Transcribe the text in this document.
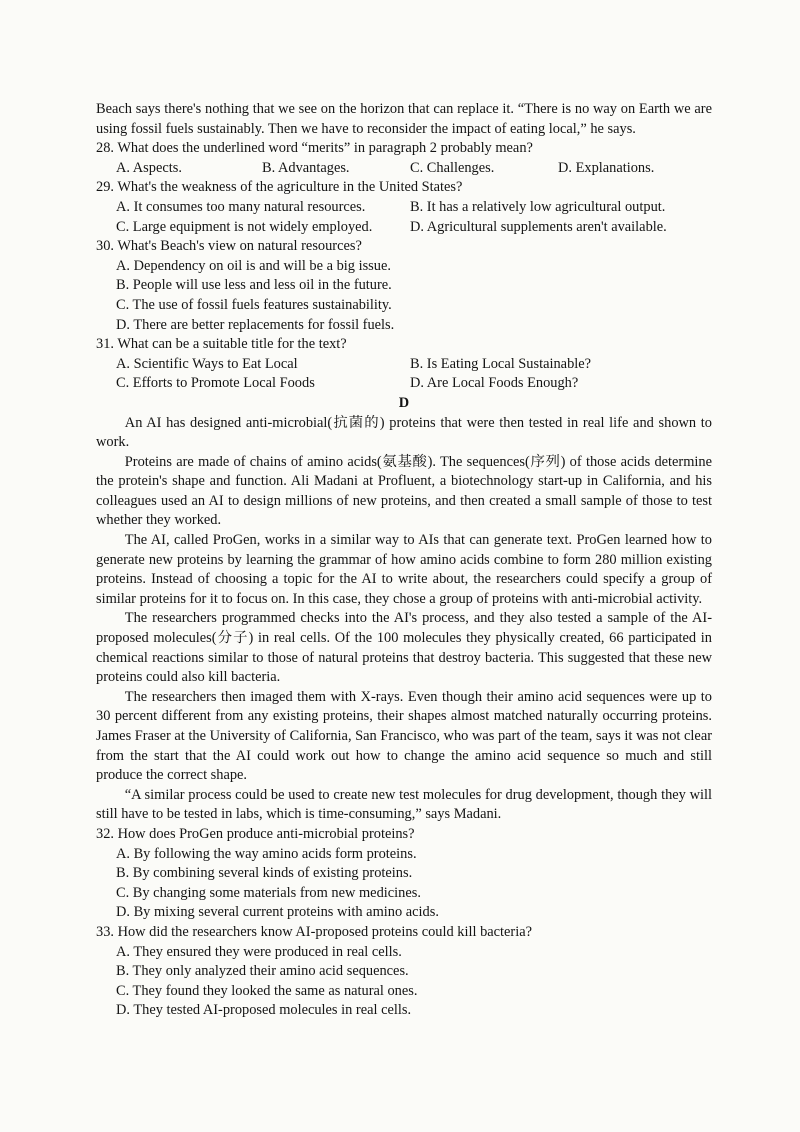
Beach says there's nothing that we see on the horizon that can replace it. “There is no way on Earth we are using fossil fuels sustainably. Then we have to reconsider the impact of eating local,” he says.

28. What does the underlined word “merits” in paragraph 2 probably mean?

A. Aspects.	B. Advantages.	C. Challenges.	D. Explanations.

29. What's the weakness of the agriculture in the United States?

A. It consumes too many natural resources.	B. It has a relatively low agricultural output.
C. Large equipment is not widely employed.	D. Agricultural supplements aren't available.

30. What's Beach's view on natural resources?

A. Dependency on oil is and will be a big issue.

B. People will use less and less oil in the future.

C. The use of fossil fuels features sustainability.

D. There are better replacements for fossil fuels.

31. What can be a suitable title for the text?

A. Scientific Ways to Eat Local	B. Is Eating Local Sustainable?
C. Efforts to Promote Local Foods	D. Are Local Foods Enough?

D

An AI has designed anti-microbial(抗菌的) proteins that were then tested in real life and shown to work.

Proteins are made of chains of amino acids(氨基酸). The sequences(序列) of those acids determine the protein's shape and function. Ali Madani at Profluent, a biotechnology start-up in California, and his colleagues used an AI to design millions of new proteins, and then created a small sample of those to test whether they worked.

The AI, called ProGen, works in a similar way to AIs that can generate text. ProGen learned how to generate new proteins by learning the grammar of how amino acids combine to form 280 million existing proteins. Instead of choosing a topic for the AI to write about, the researchers could specify a group of similar proteins for it to focus on. In this case, they chose a group of proteins with anti-microbial activity.

The researchers programmed checks into the AI's process, and they also tested a sample of the AI-proposed molecules(分子) in real cells. Of the 100 molecules they physically created, 66 participated in chemical reactions similar to those of natural proteins that destroy bacteria. This suggested that these new proteins could also kill bacteria.

The researchers then imaged them with X-rays. Even though their amino acid sequences were up to 30 percent different from any existing proteins, their shapes almost matched naturally occurring proteins. James Fraser at the University of California, San Francisco, who was part of the team, says it was not clear from the start that the AI could work out how to change the amino acid sequence so much and still produce the correct shape.

“A similar process could be used to create new test molecules for drug development, though they will still have to be tested in labs, which is time-consuming,” says Madani.

32. How does ProGen produce anti-microbial proteins?

A. By following the way amino acids form proteins.

B. By combining several kinds of existing proteins.

C. By changing some materials from new medicines.

D. By mixing several current proteins with amino acids.

33. How did the researchers know AI-proposed proteins could kill bacteria?

A. They ensured they were produced in real cells.

B. They only analyzed their amino acid sequences.

C. They found they looked the same as natural ones.

D. They tested AI-proposed molecules in real cells.
